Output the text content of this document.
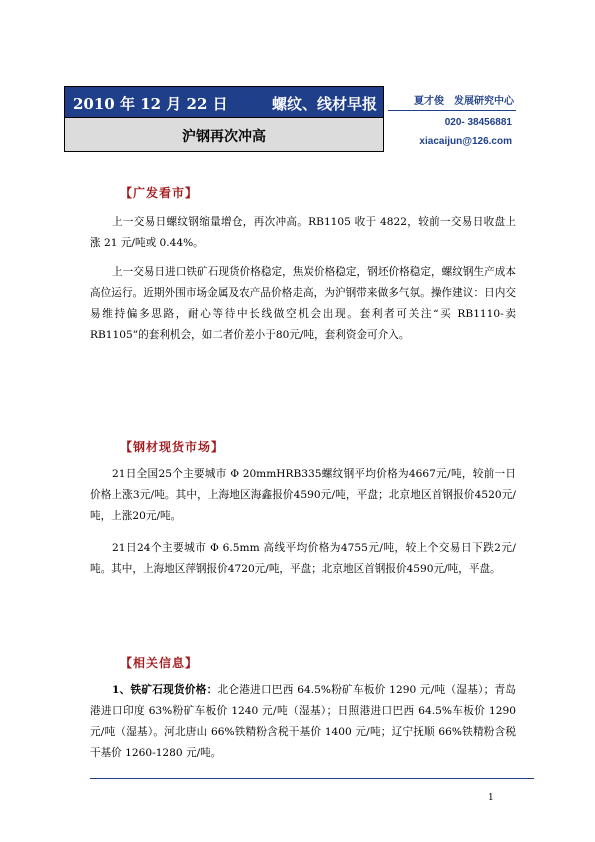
2010 年 12 月 22 日	螺纹、线材早报
沪钢再次冲高
夏才俊　发展研究中心
020- 38456881
xiacaijun@126.com
【广发看市】

上一交易日螺纹钢缩量增仓，再次冲高。RB1105 收于 4822，较前一交易日收盘上涨 21 元/吨或 0.44%。

上一交易日进口铁矿石现货价格稳定，焦炭价格稳定，钢坯价格稳定，螺纹钢生产成本高位运行。近期外围市场金属及农产品价格走高，为沪钢带来做多气氛。操作建议：日内交易维持偏多思路，耐心等待中长线做空机会出现。套利者可关注“买 RB1110-卖 RB1105”的套利机会，如二者价差小于80元/吨，套利资金可介入。

【钢材现货市场】

21日全国25个主要城市 Φ 20mmHRB335螺纹钢平均价格为4667元/吨，较前一日价格上涨3元/吨。其中，上海地区海鑫报价4590元/吨，平盘；北京地区首钢报价4520元/吨，上涨20元/吨。

21日24个主要城市 Φ 6.5mm 高线平均价格为4755元/吨，较上个交易日下跌2元/吨。其中，上海地区萍钢报价4720元/吨，平盘；北京地区首钢报价4590元/吨，平盘。

【相关信息】

1、铁矿石现货价格：北仑港进口巴西 64.5%粉矿车板价 1290 元/吨（湿基）；青岛港进口印度 63%粉矿车板价 1240 元/吨（湿基）；日照港进口巴西 64.5%车板价 1290 元/吨（湿基）。河北唐山 66%铁精粉含税干基价 1400 元/吨；辽宁抚顺 66%铁精粉含税干基价 1260-1280 元/吨。

1
